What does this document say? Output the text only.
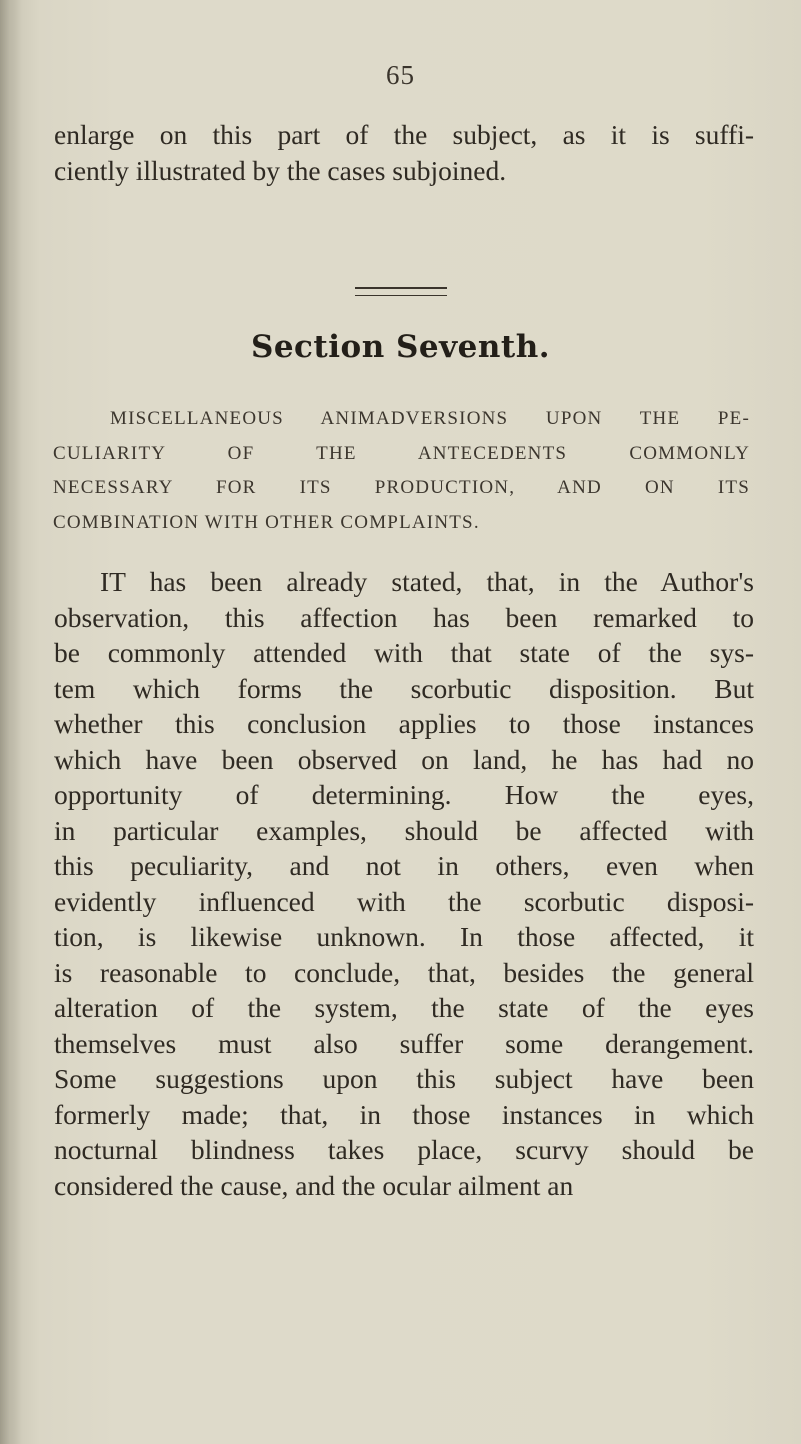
65
enlarge on this part of the subject, as it is suffi-
ciently illustrated by the cases subjoined.
Section Seventh.
MISCELLANEOUS ANIMADVERSIONS UPON THE PE-
CULIARITY OF THE ANTECEDENTS COMMONLY
NECESSARY FOR ITS PRODUCTION, AND ON ITS
COMBINATION WITH OTHER COMPLAINTS.
IT has been already stated, that, in the Author's
observation, this affection has been remarked to
be commonly attended with that state of the sys-
tem which forms the scorbutic disposition. But
whether this conclusion applies to those instances
which have been observed on land, he has had no
opportunity of determining. How the eyes,
in particular examples, should be affected with
this peculiarity, and not in others, even when
evidently influenced with the scorbutic disposi-
tion, is likewise unknown. In those affected, it
is reasonable to conclude, that, besides the general
alteration of the system, the state of the eyes
themselves must also suffer some derangement.
Some suggestions upon this subject have been
formerly made; that, in those instances in which
nocturnal blindness takes place, scurvy should be
considered the cause, and the ocular ailment an
